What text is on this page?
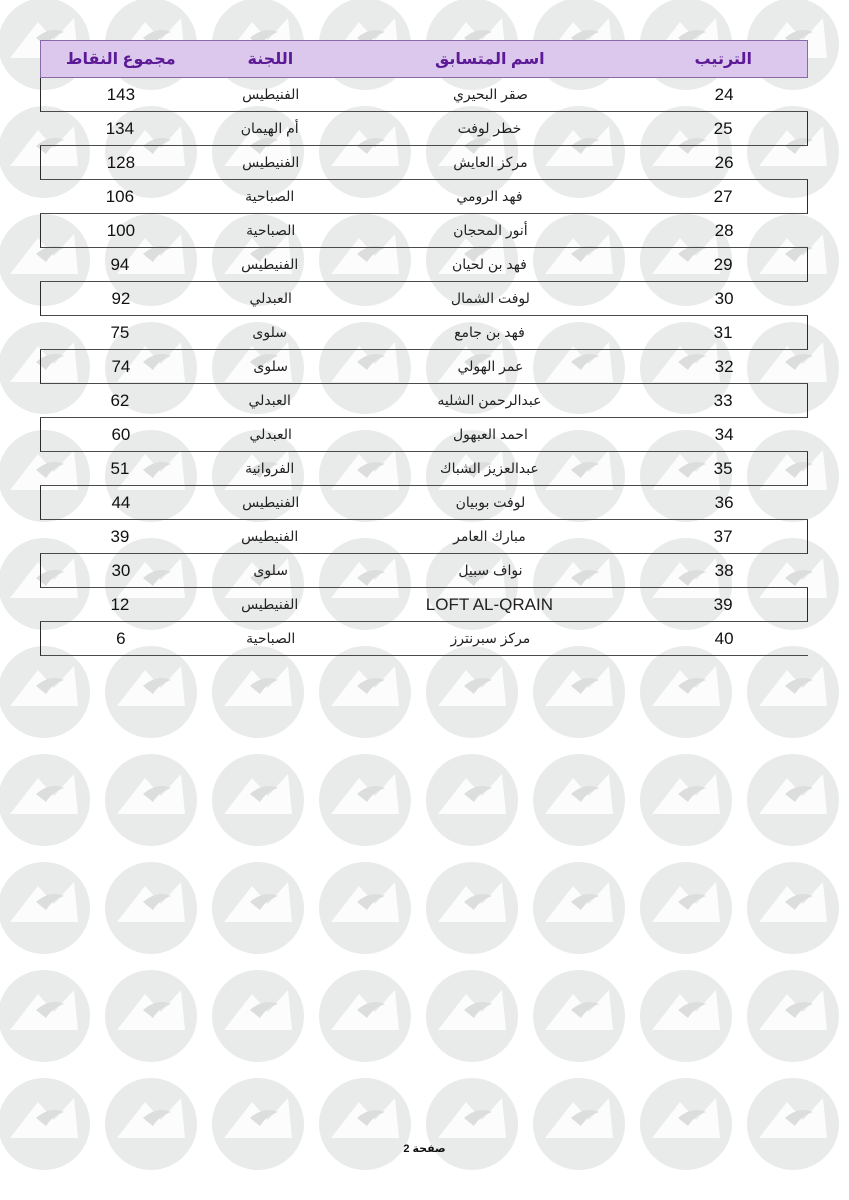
مجموع النقاط	اللجنة	اسم المتسابق	الترتيب
143	الفنيطيس	صقر البحيري	24
134	أم الهيمان	خطر لوفت	25
128	الفنيطيس	مركز العايش	26
106	الصباحية	فهد الرومي	27
100	الصباحية	أنور المحجان	28
94	الفنيطيس	فهد بن لحيان	29
92	العبدلي	لوفت الشمال	30
75	سلوى	فهد بن جامع	31
74	سلوى	عمر الهولي	32
62	العبدلي	عبدالرحمن الشليه	33
60	العبدلي	احمد العبهول	34
51	الفروانية	عبدالعزيز الشباك	35
44	الفنيطيس	لوفت بوبيان	36
39	الفنيطيس	مبارك العامر	37
30	سلوى	نواف سبيل	38
12	الفنيطيس	LOFT AL-QRAIN	39
6	الصباحية	مركز سبرنترز	40
صفحة 2
